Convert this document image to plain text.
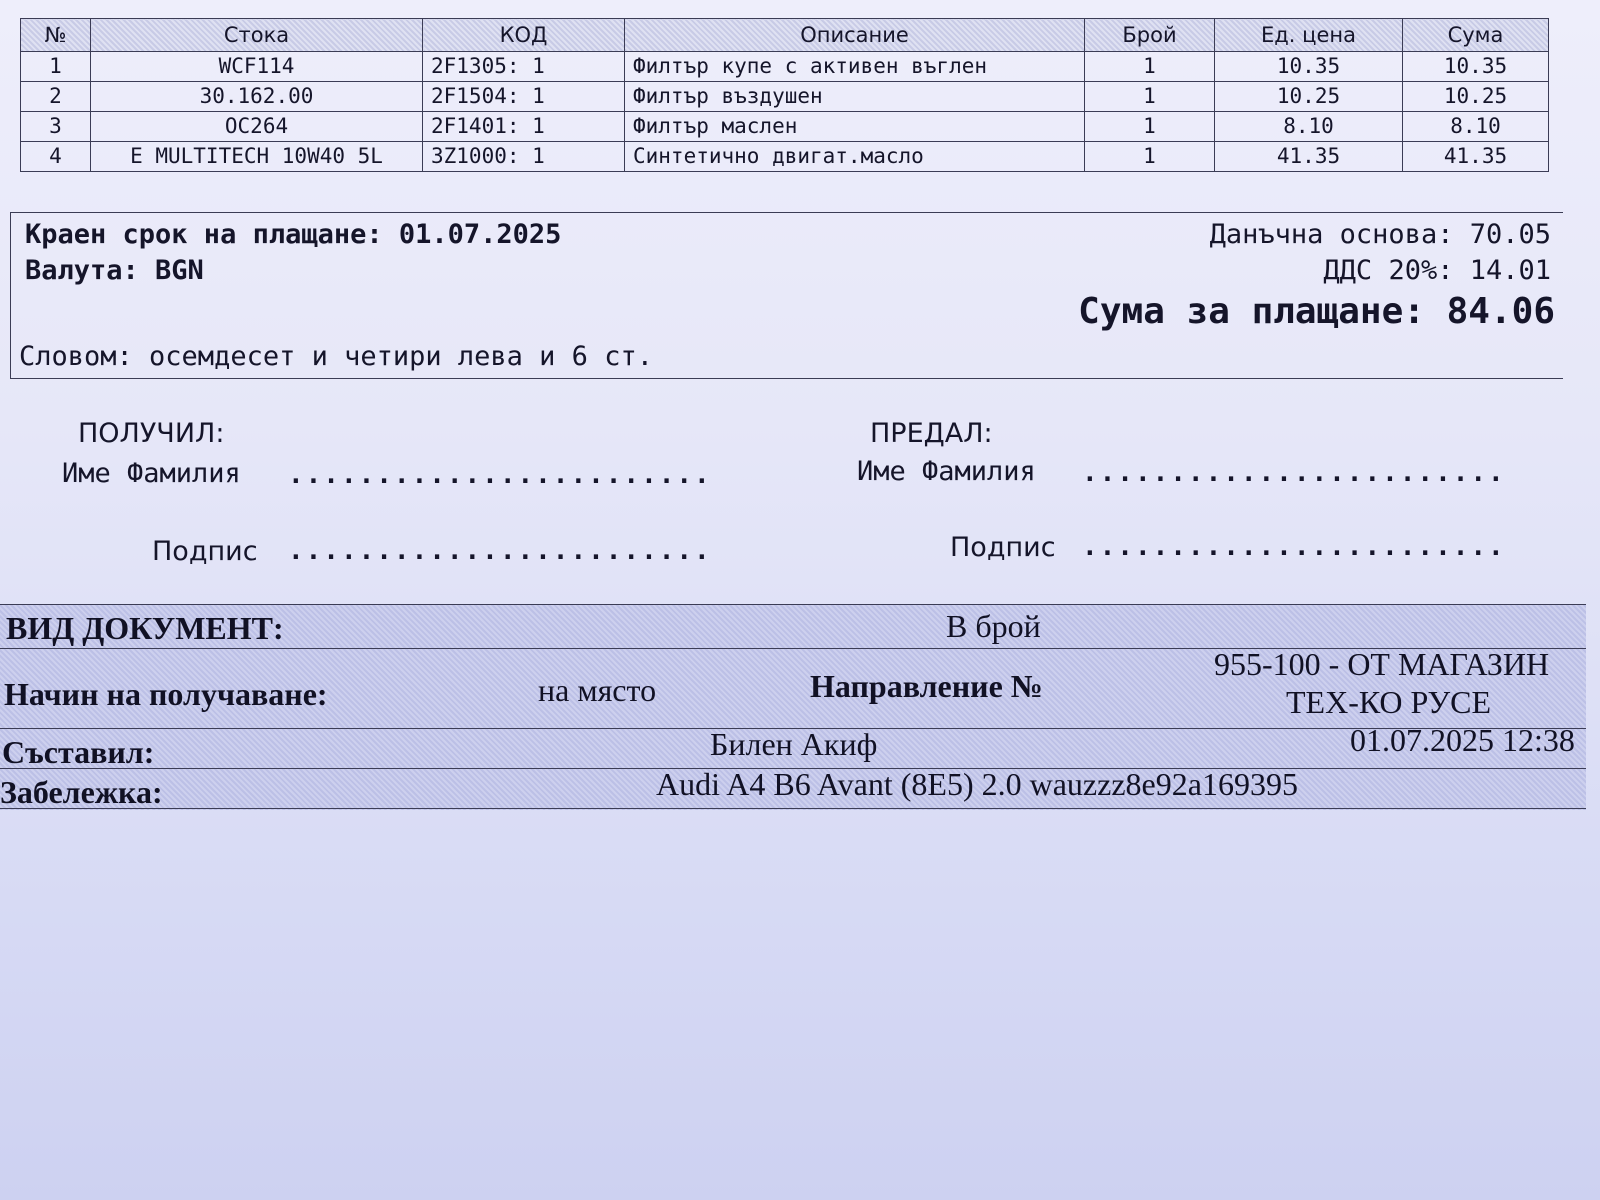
№	Стока	КОД	Описание	Брой	Ед. цена	Сума
1	WCF114	2F1305: 1	Филтър купе с активен въглен	1	10.35	10.35
2	30.162.00	2F1504: 1	Филтър въздушен	1	10.25	10.25
3	OC264	2F1401: 1	Филтър маслен	1	8.10	8.10
4	E MULTITECH 10W40 5L	3Z1000: 1	Синтетично двигат.масло	1	41.35	41.35
Краен срок на плащане: 01.07.2025
Валута: BGN
Данъчна основа: 70.05
ДДС 20%: 14.01
Сума за плащане: 84.06
Словом: осемдесет и четири лева и 6 ст.
ПОЛУЧИЛ:	ПРЕДАЛ:
Име Фамилия ........................	Име Фамилия ........................
Подпис ........................	Подпис ........................
ВИД ДОКУМЕНТ:	В брой
Начин на получаване:	на място	Направление №
955-100 - ОТ МАГАЗИН
ТЕХ-КО РУСЕ
Съставил:	Билен Акиф	01.07.2025 12:38
Забележка:	Audi A4 B6 Avant (8E5) 2.0 wauzzz8e92a169395
